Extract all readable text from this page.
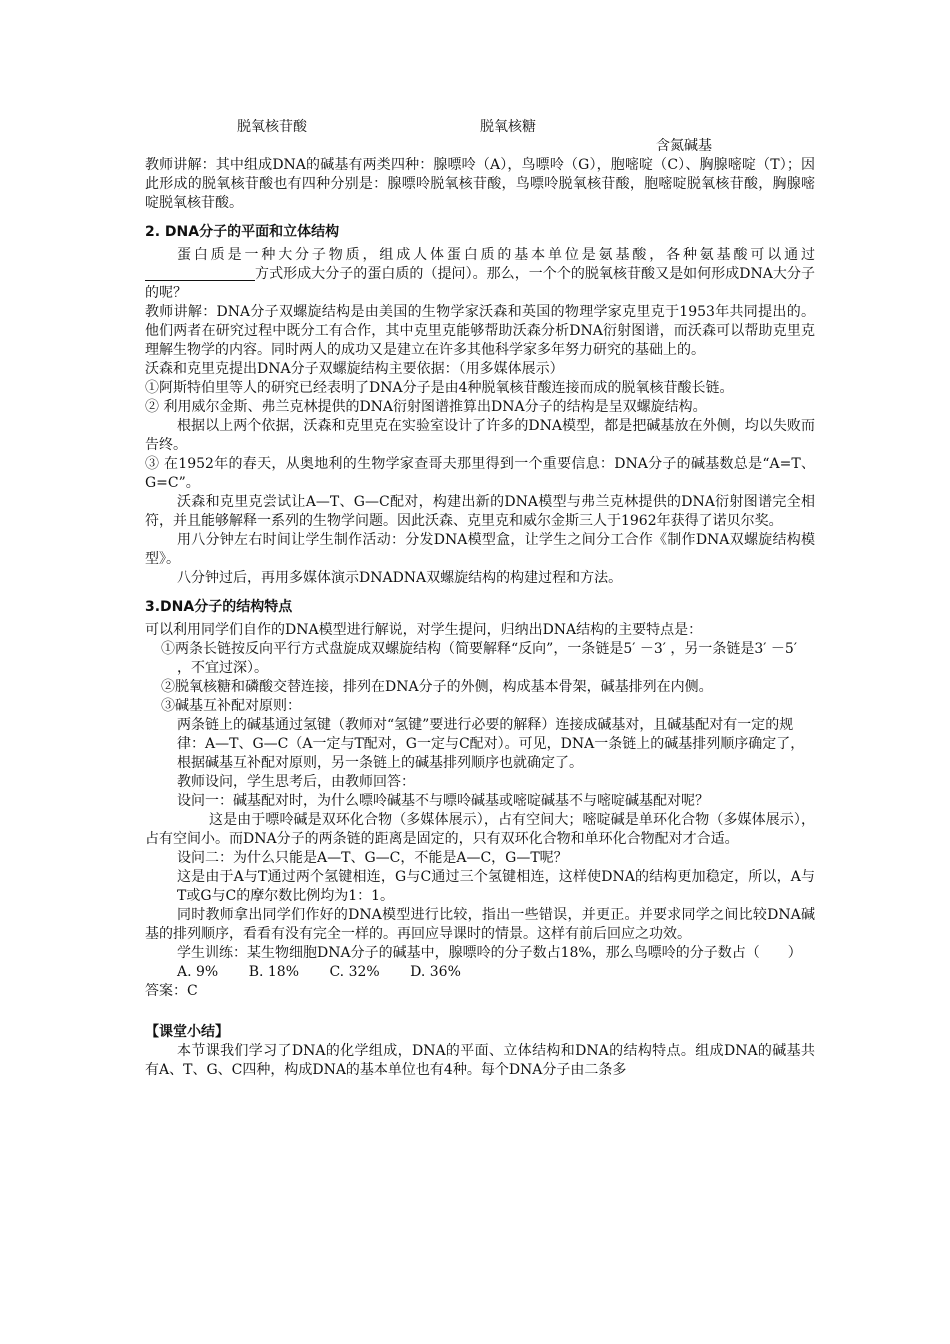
脱氧核苷酸	脱氧核糖
含氮碱基

教师讲解：其中组成DNA的碱基有两类四种：腺嘌呤（A），鸟嘌呤（G），胞嘧啶（C）、胸腺嘧啶（T）；因此形成的脱氧核苷酸也有四种分别是：腺嘌呤脱氧核苷酸，鸟嘌呤脱氧核苷酸，胞嘧啶脱氧核苷酸，胸腺嘧啶脱氧核苷酸。

2. DNA分子的平面和立体结构

蛋白质是一种大分子物质，组成人体蛋白质的基本单位是氨基酸，各种氨基酸可以通过方式形成大分子的蛋白质的（提问）。那么，一个个的脱氧核苷酸又是如何形成DNA大分子的呢？

教师讲解：DNA分子双螺旋结构是由美国的生物学家沃森和英国的物理学家克里克于1953年共同提出的。他们两者在研究过程中既分工有合作，其中克里克能够帮助沃森分析DNA衍射图谱，而沃森可以帮助克里克理解生物学的内容。同时两人的成功又是建立在许多其他科学家多年努力研究的基础上的。

沃森和克里克提出DNA分子双螺旋结构主要依据：（用多媒体展示）

①阿斯特伯里等人的研究已经表明了DNA分子是由4种脱氧核苷酸连接而成的脱氧核苷酸长链。

② 利用威尔金斯、弗兰克林提供的DNA衍射图谱推算出DNA分子的结构是呈双螺旋结构。

根据以上两个依据，沃森和克里克在实验室设计了许多的DNA模型，都是把碱基放在外侧，均以失败而告终。

③ 在1952年的春天，从奥地利的生物学家查哥夫那里得到一个重要信息：DNA分子的碱基数总是“A=T、G=C”。

沃森和克里克尝试让A—T、G—C配对，构建出新的DNA模型与弗兰克林提供的DNA衍射图谱完全相符，并且能够解释一系列的生物学问题。因此沃森、克里克和威尔金斯三人于1962年获得了诺贝尔奖。

用八分钟左右时间让学生制作活动：分发DNA模型盒，让学生之间分工合作《制作DNA双螺旋结构模型》。

八分钟过后，再用多媒体演示DNADNA双螺旋结构的构建过程和方法。

3.DNA分子的结构特点

可以利用同学们自作的DNA模型进行解说，对学生提问，归纳出DNA结构的主要特点是：

①两条长链按反向平行方式盘旋成双螺旋结构（简要解释“反向”，一条链是5′ －3′ ，另一条链是3′ －5′ ，不宜过深）。

②脱氧核糖和磷酸交替连接，排列在DNA分子的外侧，构成基本骨架，碱基排列在内侧。

③碱基互补配对原则：

两条链上的碱基通过氢键（教师对“氢键”要进行必要的解释）连接成碱基对，且碱基配对有一定的规律：A—T、G—C（A一定与T配对，G一定与C配对）。可见，DNA一条链上的碱基排列顺序确定了，根据碱基互补配对原则，另一条链上的碱基排列顺序也就确定了。

教师设问，学生思考后，由教师回答：

设问一：碱基配对时，为什么嘌呤碱基不与嘌呤碱基或嘧啶碱基不与嘧啶碱基配对呢？

这是由于嘌呤碱是双环化合物（多媒体展示），占有空间大；嘧啶碱是单环化合物（多媒体展示），占有空间小。而DNA分子的两条链的距离是固定的，只有双环化合物和单环化合物配对才合适。

设问二：为什么只能是A—T、G—C，不能是A—C，G—T呢？

这是由于A与T通过两个氢键相连，G与C通过三个氢键相连，这样使DNA的结构更加稳定，所以，A与T或G与C的摩尔数比例均为1：1。

同时教师拿出同学们作好的DNA模型进行比较，指出一些错误，并更正。并要求同学之间比较DNA碱基的排列顺序，看看有没有完全一样的。再回应导课时的情景。这样有前后回应之功效。

学生训练：某生物细胞DNA分子的碱基中，腺嘌呤的分子数占18%，那么鸟嘌呤的分子数占（　　）

A. 9% B. 18% C. 32% D. 36%

答案：C

【课堂小结】

本节课我们学习了DNA的化学组成，DNA的平面、立体结构和DNA的结构特点。组成DNA的碱基共有A、T、G、C四种，构成DNA的基本单位也有4种。每个DNA分子由二条多
